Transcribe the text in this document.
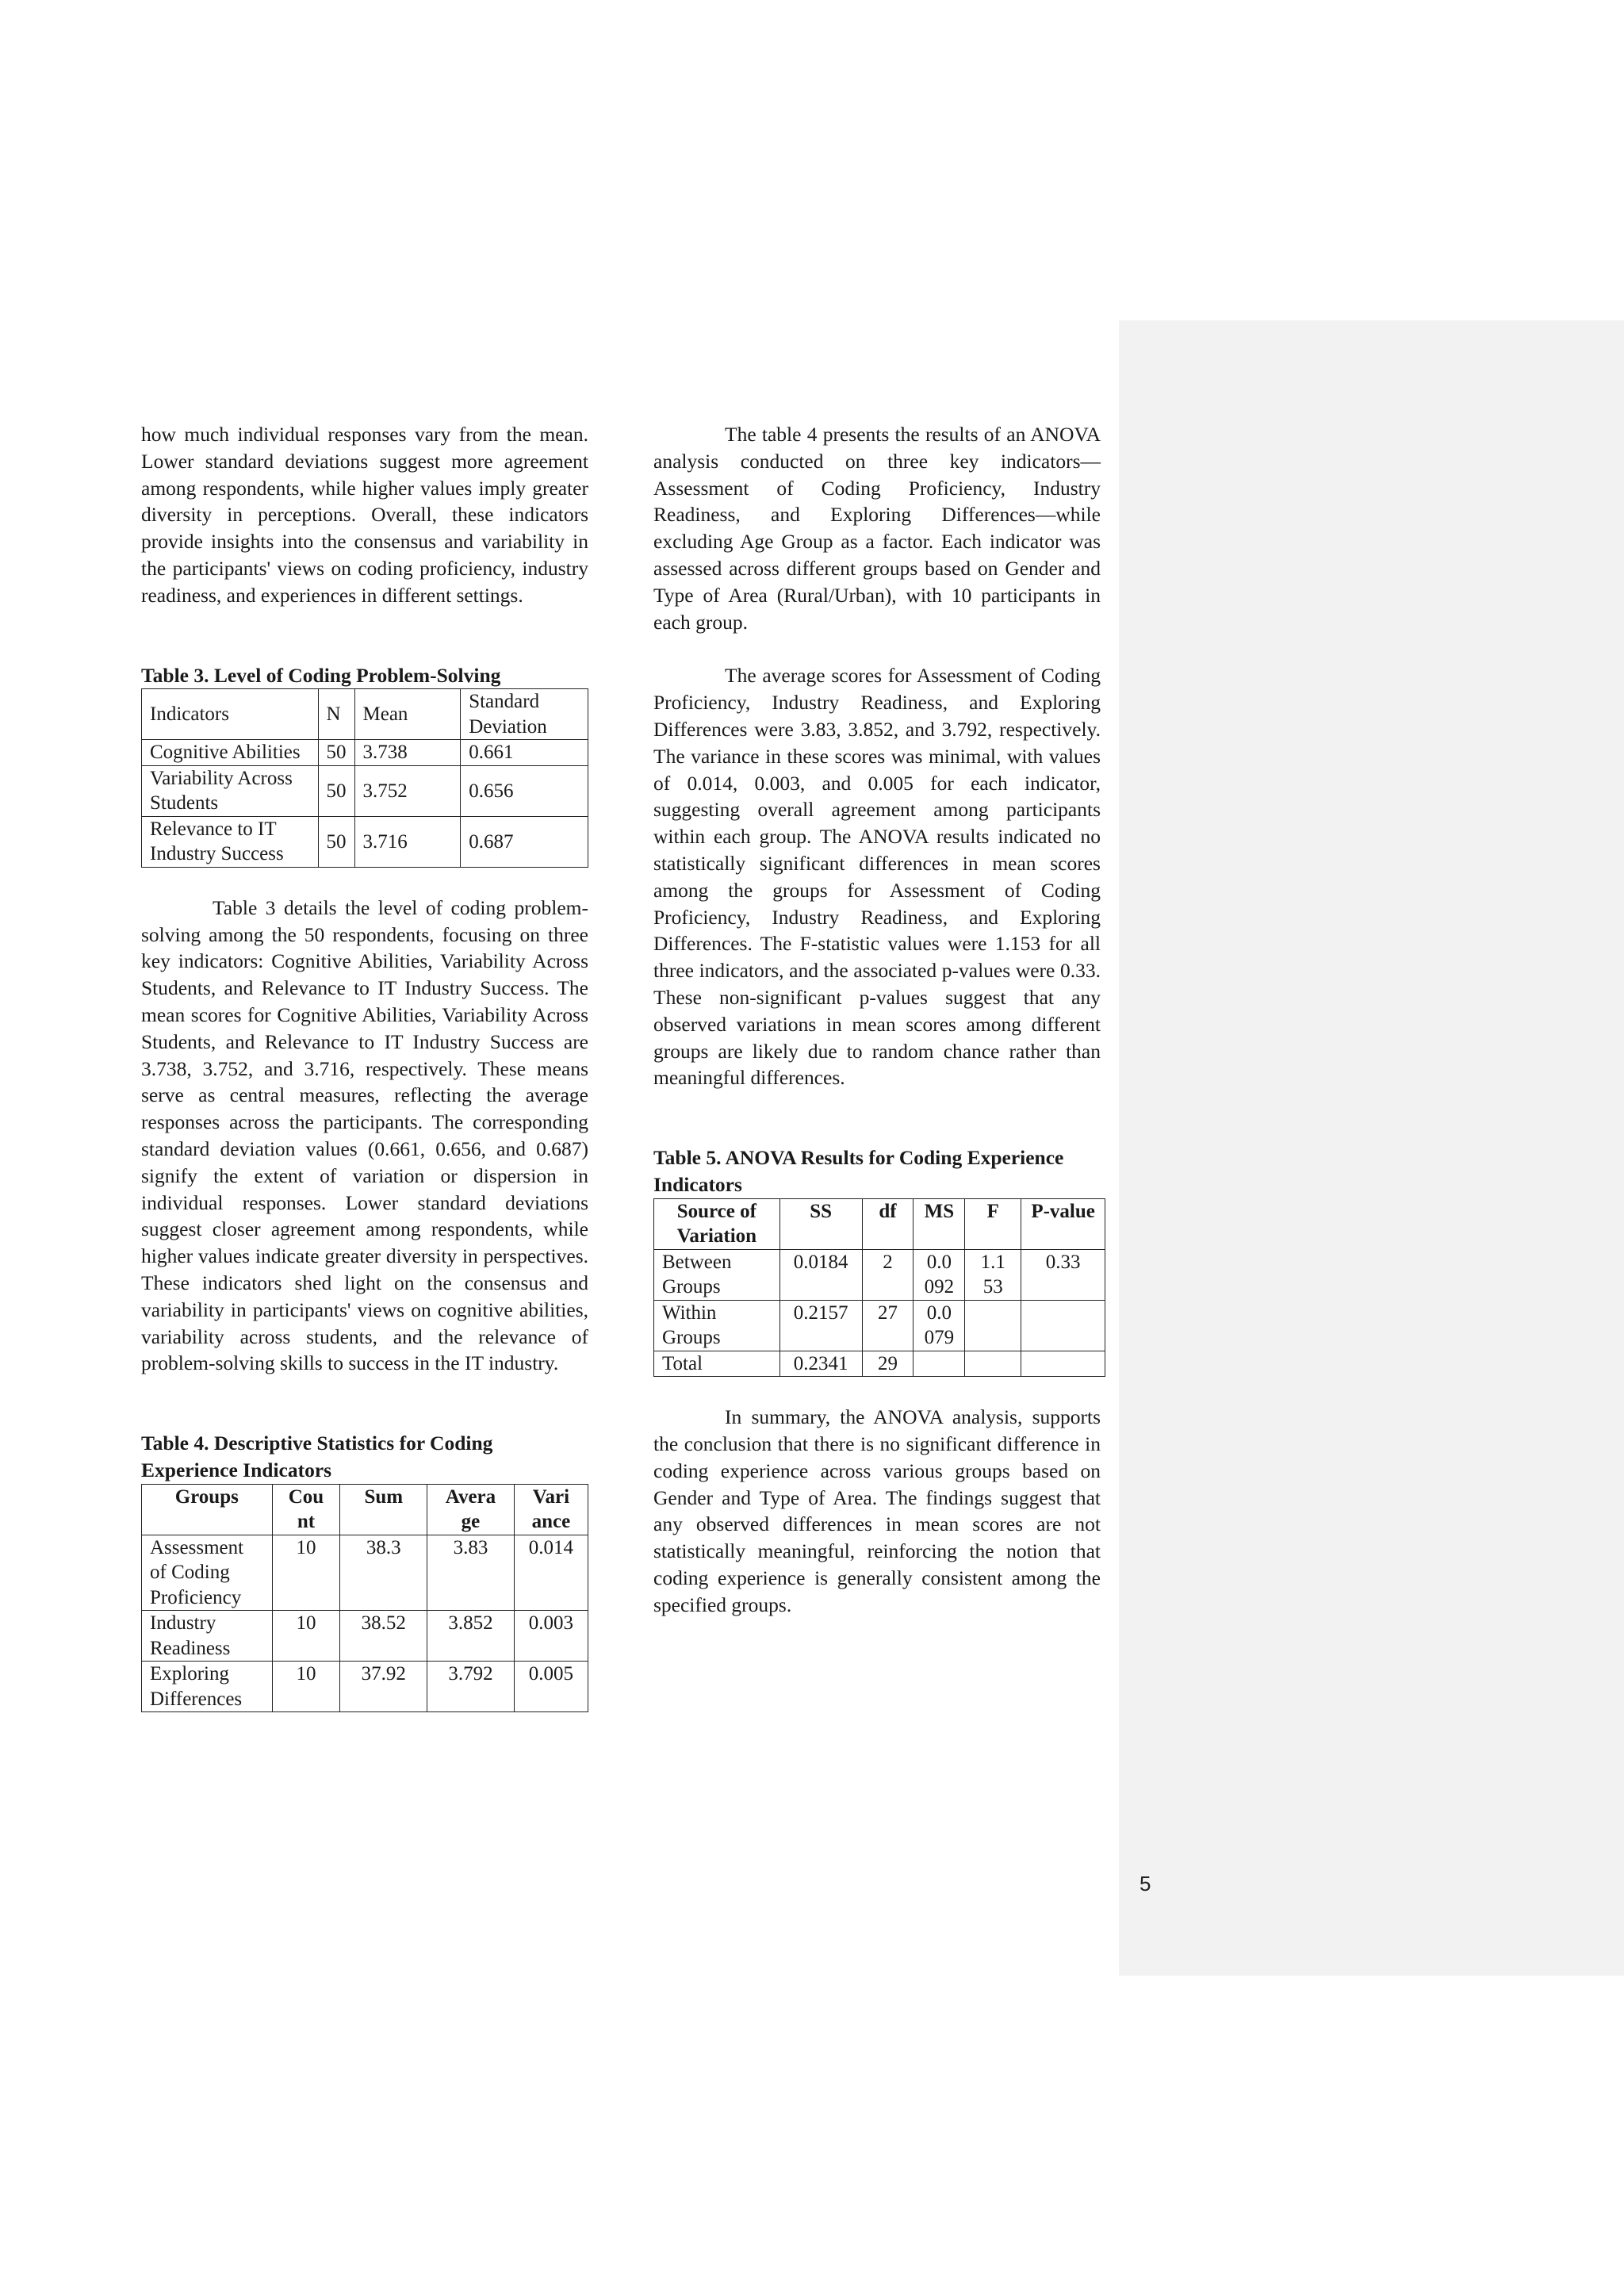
how much individual responses vary from the mean. Lower standard deviations suggest more agreement among respondents, while higher values imply greater diversity in perceptions. Overall, these indicators provide insights into the consensus and variability in the participants' views on coding proficiency, industry readiness, and experiences in different settings.

Table 3. Level of Coding Problem-Solving
Indicators	N	Mean	Standard Deviation
Cognitive Abilities	50	3.738	0.661
Variability Across Students	50	3.752	0.656
Relevance to IT Industry Success	50	3.716	0.687

Table 3 details the level of coding problem-solving among the 50 respondents, focusing on three key indicators: Cognitive Abilities, Variability Across Students, and Relevance to IT Industry Success. The mean scores for Cognitive Abilities, Variability Across Students, and Relevance to IT Industry Success are 3.738, 3.752, and 3.716, respectively. These means serve as central measures, reflecting the average responses across the participants. The corresponding standard deviation values (0.661, 0.656, and 0.687) signify the extent of variation or dispersion in individual responses. Lower standard deviations suggest closer agreement among respondents, while higher values indicate greater diversity in perspectives. These indicators shed light on the consensus and variability in participants' views on cognitive abilities, variability across students, and the relevance of problem-solving skills to success in the IT industry.

Table 4. Descriptive Statistics for Coding Experience Indicators
Groups	Cou nt	Sum	Avera ge	Vari ance
Assessment of Coding Proficiency	10	38.3	3.83	0.014
Industry Readiness	10	38.52	3.852	0.003
Exploring Differences	10	37.92	3.792	0.005

The table 4 presents the results of an ANOVA analysis conducted on three key indicators—Assessment of Coding Proficiency, Industry Readiness, and Exploring Differences—while excluding Age Group as a factor. Each indicator was assessed across different groups based on Gender and Type of Area (Rural/Urban), with 10 participants in each group.

The average scores for Assessment of Coding Proficiency, Industry Readiness, and Exploring Differences were 3.83, 3.852, and 3.792, respectively. The variance in these scores was minimal, with values of 0.014, 0.003, and 0.005 for each indicator, suggesting overall agreement among participants within each group. The ANOVA results indicated no statistically significant differences in mean scores among the groups for Assessment of Coding Proficiency, Industry Readiness, and Exploring Differences. The F-statistic values were 1.153 for all three indicators, and the associated p-values were 0.33. These non-significant p-values suggest that any observed variations in mean scores among different groups are likely due to random chance rather than meaningful differences.

Table 5. ANOVA Results for Coding Experience Indicators
Source of Variation	SS	df	MS	F	P-value
Between Groups	0.0184	2	0.0 092	1.1 53	0.33
Within Groups	0.2157	27	0.0 079		
Total	0.2341	29			

In summary, the ANOVA analysis, supports the conclusion that there is no significant difference in coding experience across various groups based on Gender and Type of Area. The findings suggest that any observed differences in mean scores are not statistically meaningful, reinforcing the notion that coding experience is generally consistent among the specified groups.

5
